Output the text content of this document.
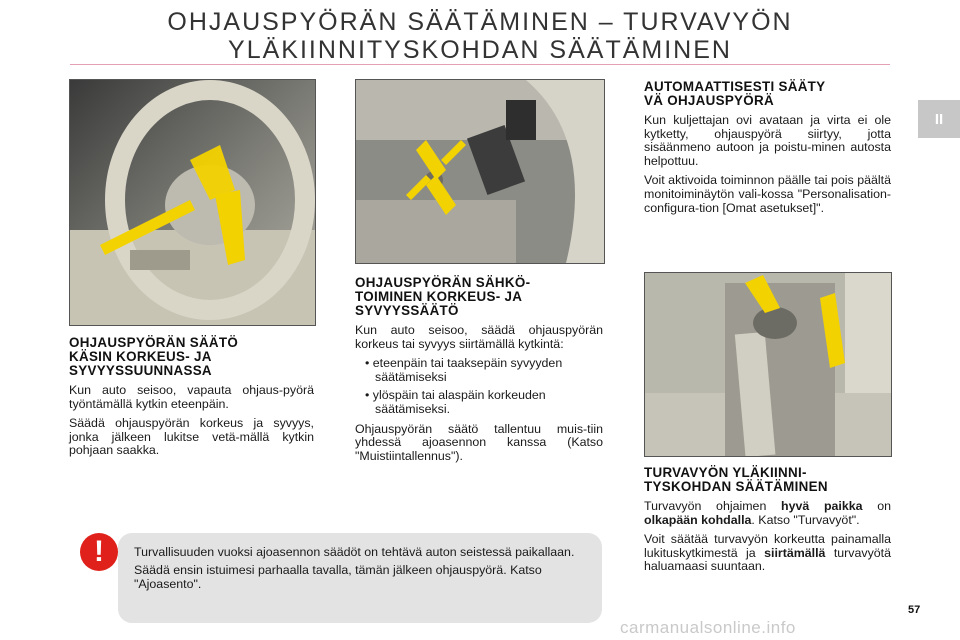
OHJAUSPYÖRÄN SÄÄTÄMINEN – TURVAVYÖN
YLÄKIINNITYSKOHDAN SÄÄTÄMINEN
II
OHJAUSPYÖRÄN SÄÄTÖ
KÄSIN KORKEUS- JA
SYVYYSSUUNNASSA

Kun auto seisoo, vapauta ohjaus-pyörä työntämällä kytkin eteenpäin.

Säädä ohjauspyörän korkeus ja syvyys, jonka jälkeen lukitse vetä-mällä kytkin pohjaan saakka.

OHJAUSPYÖRÄN SÄHKÖ-
TOIMINEN KORKEUS- JA
SYVYYSSÄÄTÖ

Kun auto seisoo, säädä ohjauspyörän korkeus tai syvyys siirtämällä kytkintä:

• eteenpäin tai taaksepäin syvyyden säätämiseksi
• ylöspäin tai alaspäin korkeuden säätämiseksi.

Ohjauspyörän säätö tallentuu muis-tiin yhdessä ajoasennon kanssa (Katso "Muistiintallennus").

AUTOMAATTISESTI SÄÄTY
VÄ OHJAUSPYÖRÄ

Kun kuljettajan ovi avataan ja virta ei ole kytketty, ohjauspyörä siirtyy, jotta sisäänmeno autoon ja poistu-minen autosta helpottuu.

Voit aktivoida toiminnon päälle tai pois päältä monitoiminäytön vali-kossa "Personalisation-configura-tion [Omat asetukset]".

TURVAVYÖN YLÄKIINNI-
TYSKOHDAN SÄÄTÄMINEN

Turvavyön ohjaimen hyvä paikka on olkapään kohdalla. Katso "Turvavyöt".

Voit säätää turvavyön korkeutta painamalla lukituskytkimestä ja siirtämällä turvavyötä haluamaasi suuntaan.

!	Turvallisuuden vuoksi ajoasennon säädöt on tehtävä auton seistessä paikallaan.

Säädä ensin istuimesi parhaalla tavalla, tämän jälkeen ohjauspyörä. Katso "Ajoasento".

57
carmanualsonline.info
